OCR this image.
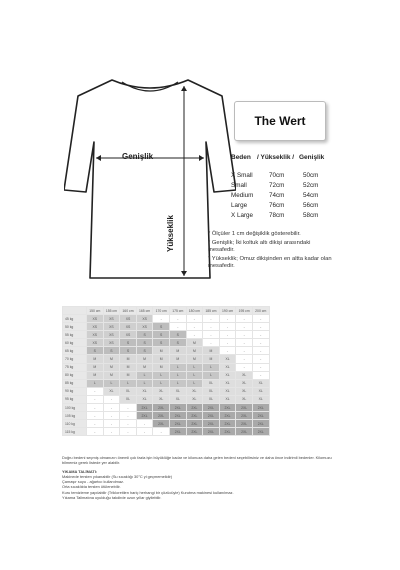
Genişlik
Yükseklik
The Wert
Beden / Yükseklik / Genişlik
X Small	70cm	50cm
Small	72cm	52cm
Medium	74cm	54cm
Large	76cm	56cm
X Large	78cm	58cm
* Ölçüler 1 cm değişiklik gösterebilir.
* Genişlik; İki koltuk altı dikişi arasındaki mesafedir.
* Yükseklik; Omuz dikişinden en altta kadar olan mesafedir.
	150 cm	155 cm	160 cm	165 cm	170 cm	175 cm	180 cm	185 cm	190 cm	195 cm	200 cm
45 kg	XS	XS	XS	XS	-	-	-	-	-	-	-
50 kg	XS	XS	XS	XS	S	-	-	-	-	-	-
55 kg	XS	XS	XS	S	S	S	-	-	-	-	-
60 kg	XS	XS	S	S	S	S	M	-	-	-	-
65 kg	S	S	S	S	M	M	M	M	-	-	-
70 kg	M	M	M	M	M	M	M	M	XL	-	-
75 kg	M	M	M	M	M	L	L	L	XL	-	-
80 kg	M	M	M	L	L	L	L	L	XL	XL	-
85 kg	L	L	L	L	L	L	L	XL	XL	XL	XL
90 kg	-	XL	XL	XL	XL	XL	XL	XL	XL	XL	XL
95 kg	-	-	XL	XL	XL	XL	XL	XL	XL	XL	XL
100 kg	-	-	-	2XL	2XL	2XL	2XL	2XL	2XL	2XL	2XL
105 kg	-	-	-	2XL	2XL	2XL	2XL	2XL	2XL	2XL	2XL
110 kg	-	-	-	-	2XL	2XL	2XL	2XL	2XL	2XL	2XL
115 kg	-	-	-	-	-	2XL	2XL	2XL	2XL	2XL	2XL
Doğru bedeni seçmiş olmanızın önemli çok fazla işin büyüklüğe kadar ve kilonuza daha gelen bedeni seçebilirsiniz ve daha önce indirimli bedenler. Kilomuzu bilmemiz gerek listede yer alabilir.
YIKAMA TALİMATI:
Makinede tersten yıkanabilir (Su sıcaklığı 30°C yi geçmemelidir)
Çamaşır suyu - ağartıcı kullanılmaz.
Orta sıcaklıkta tersten ütülenebilir.
Kuru temizleme yapılabilir (Trikloretilen hariç herhangi bir çözücüyle) Kurutma makinesi kullanılmaz.
Yıkama Talimatına uyulduğu takdirde uzun yıllar giyilebilir.
